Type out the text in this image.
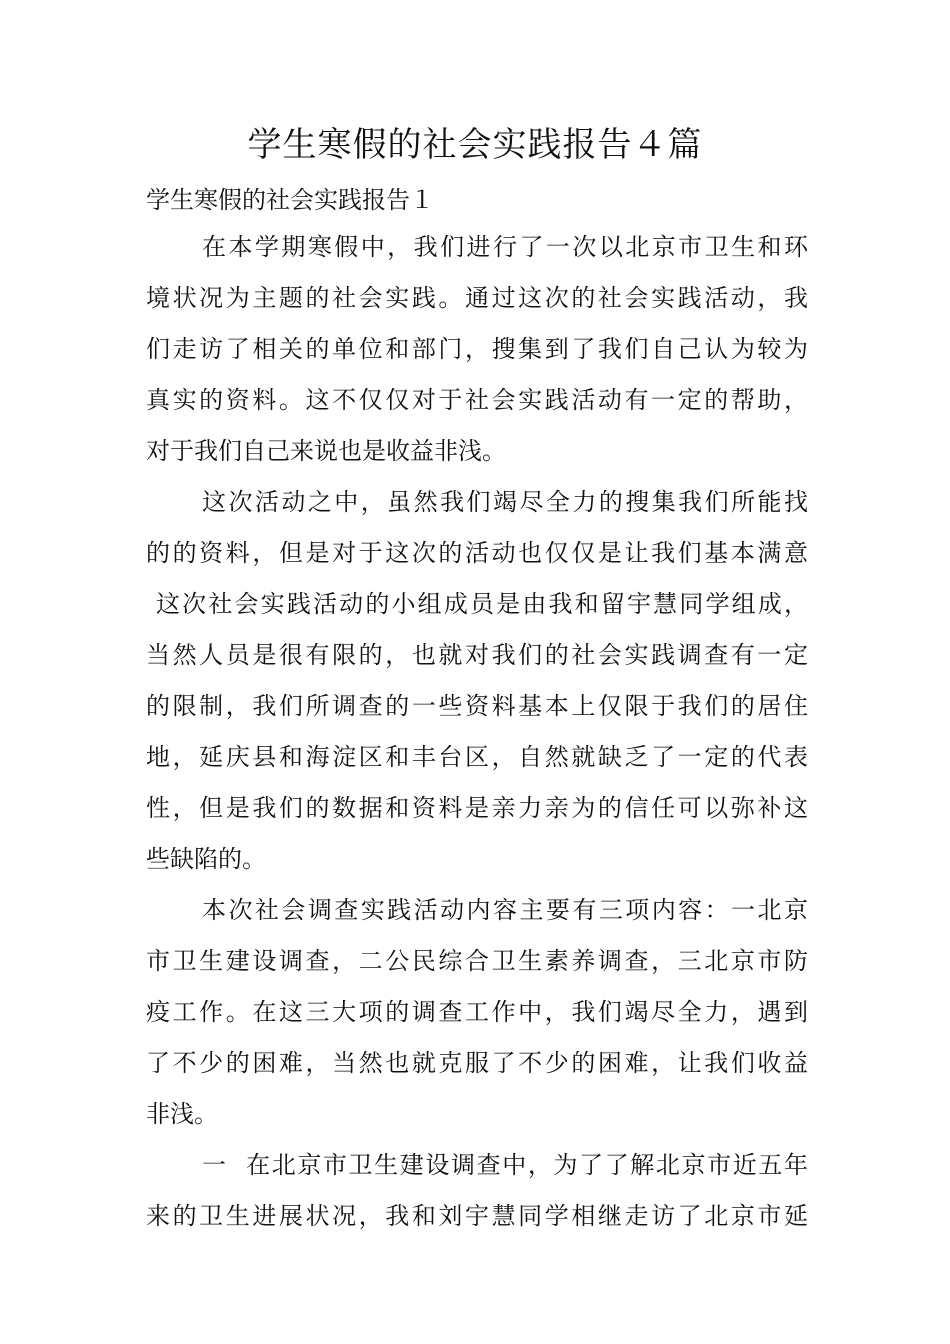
学生寒假的社会实践报告４篇
学生寒假的社会实践报告１
在本学期寒假中，我们进行了一次以北京市卫生和环
境状况为主题的社会实践。通过这次的社会实践活动，我
们走访了相关的单位和部门，搜集到了我们自己认为较为
真实的资料。这不仅仅对于社会实践活动有一定的帮助，
对于我们自己来说也是收益非浅。
这次活动之中，虽然我们竭尽全力的搜集我们所能找
的的资料，但是对于这次的活动也仅仅是让我们基本满意
这次社会实践活动的小组成员是由我和留宇慧同学组成，
当然人员是很有限的，也就对我们的社会实践调查有一定
的限制，我们所调查的一些资料基本上仅限于我们的居住
地，延庆县和海淀区和丰台区，自然就缺乏了一定的代表
性，但是我们的数据和资料是亲力亲为的信任可以弥补这
些缺陷的。
本次社会调查实践活动内容主要有三项内容：一北京
市卫生建设调查，二公民综合卫生素养调查，三北京市防
疫工作。在这三大项的调查工作中，我们竭尽全力，遇到
了不少的困难，当然也就克服了不少的困难，让我们收益
非浅。
一  在北京市卫生建设调查中，为了了解北京市近五年
来的卫生进展状况，我和刘宇慧同学相继走访了北京市延
